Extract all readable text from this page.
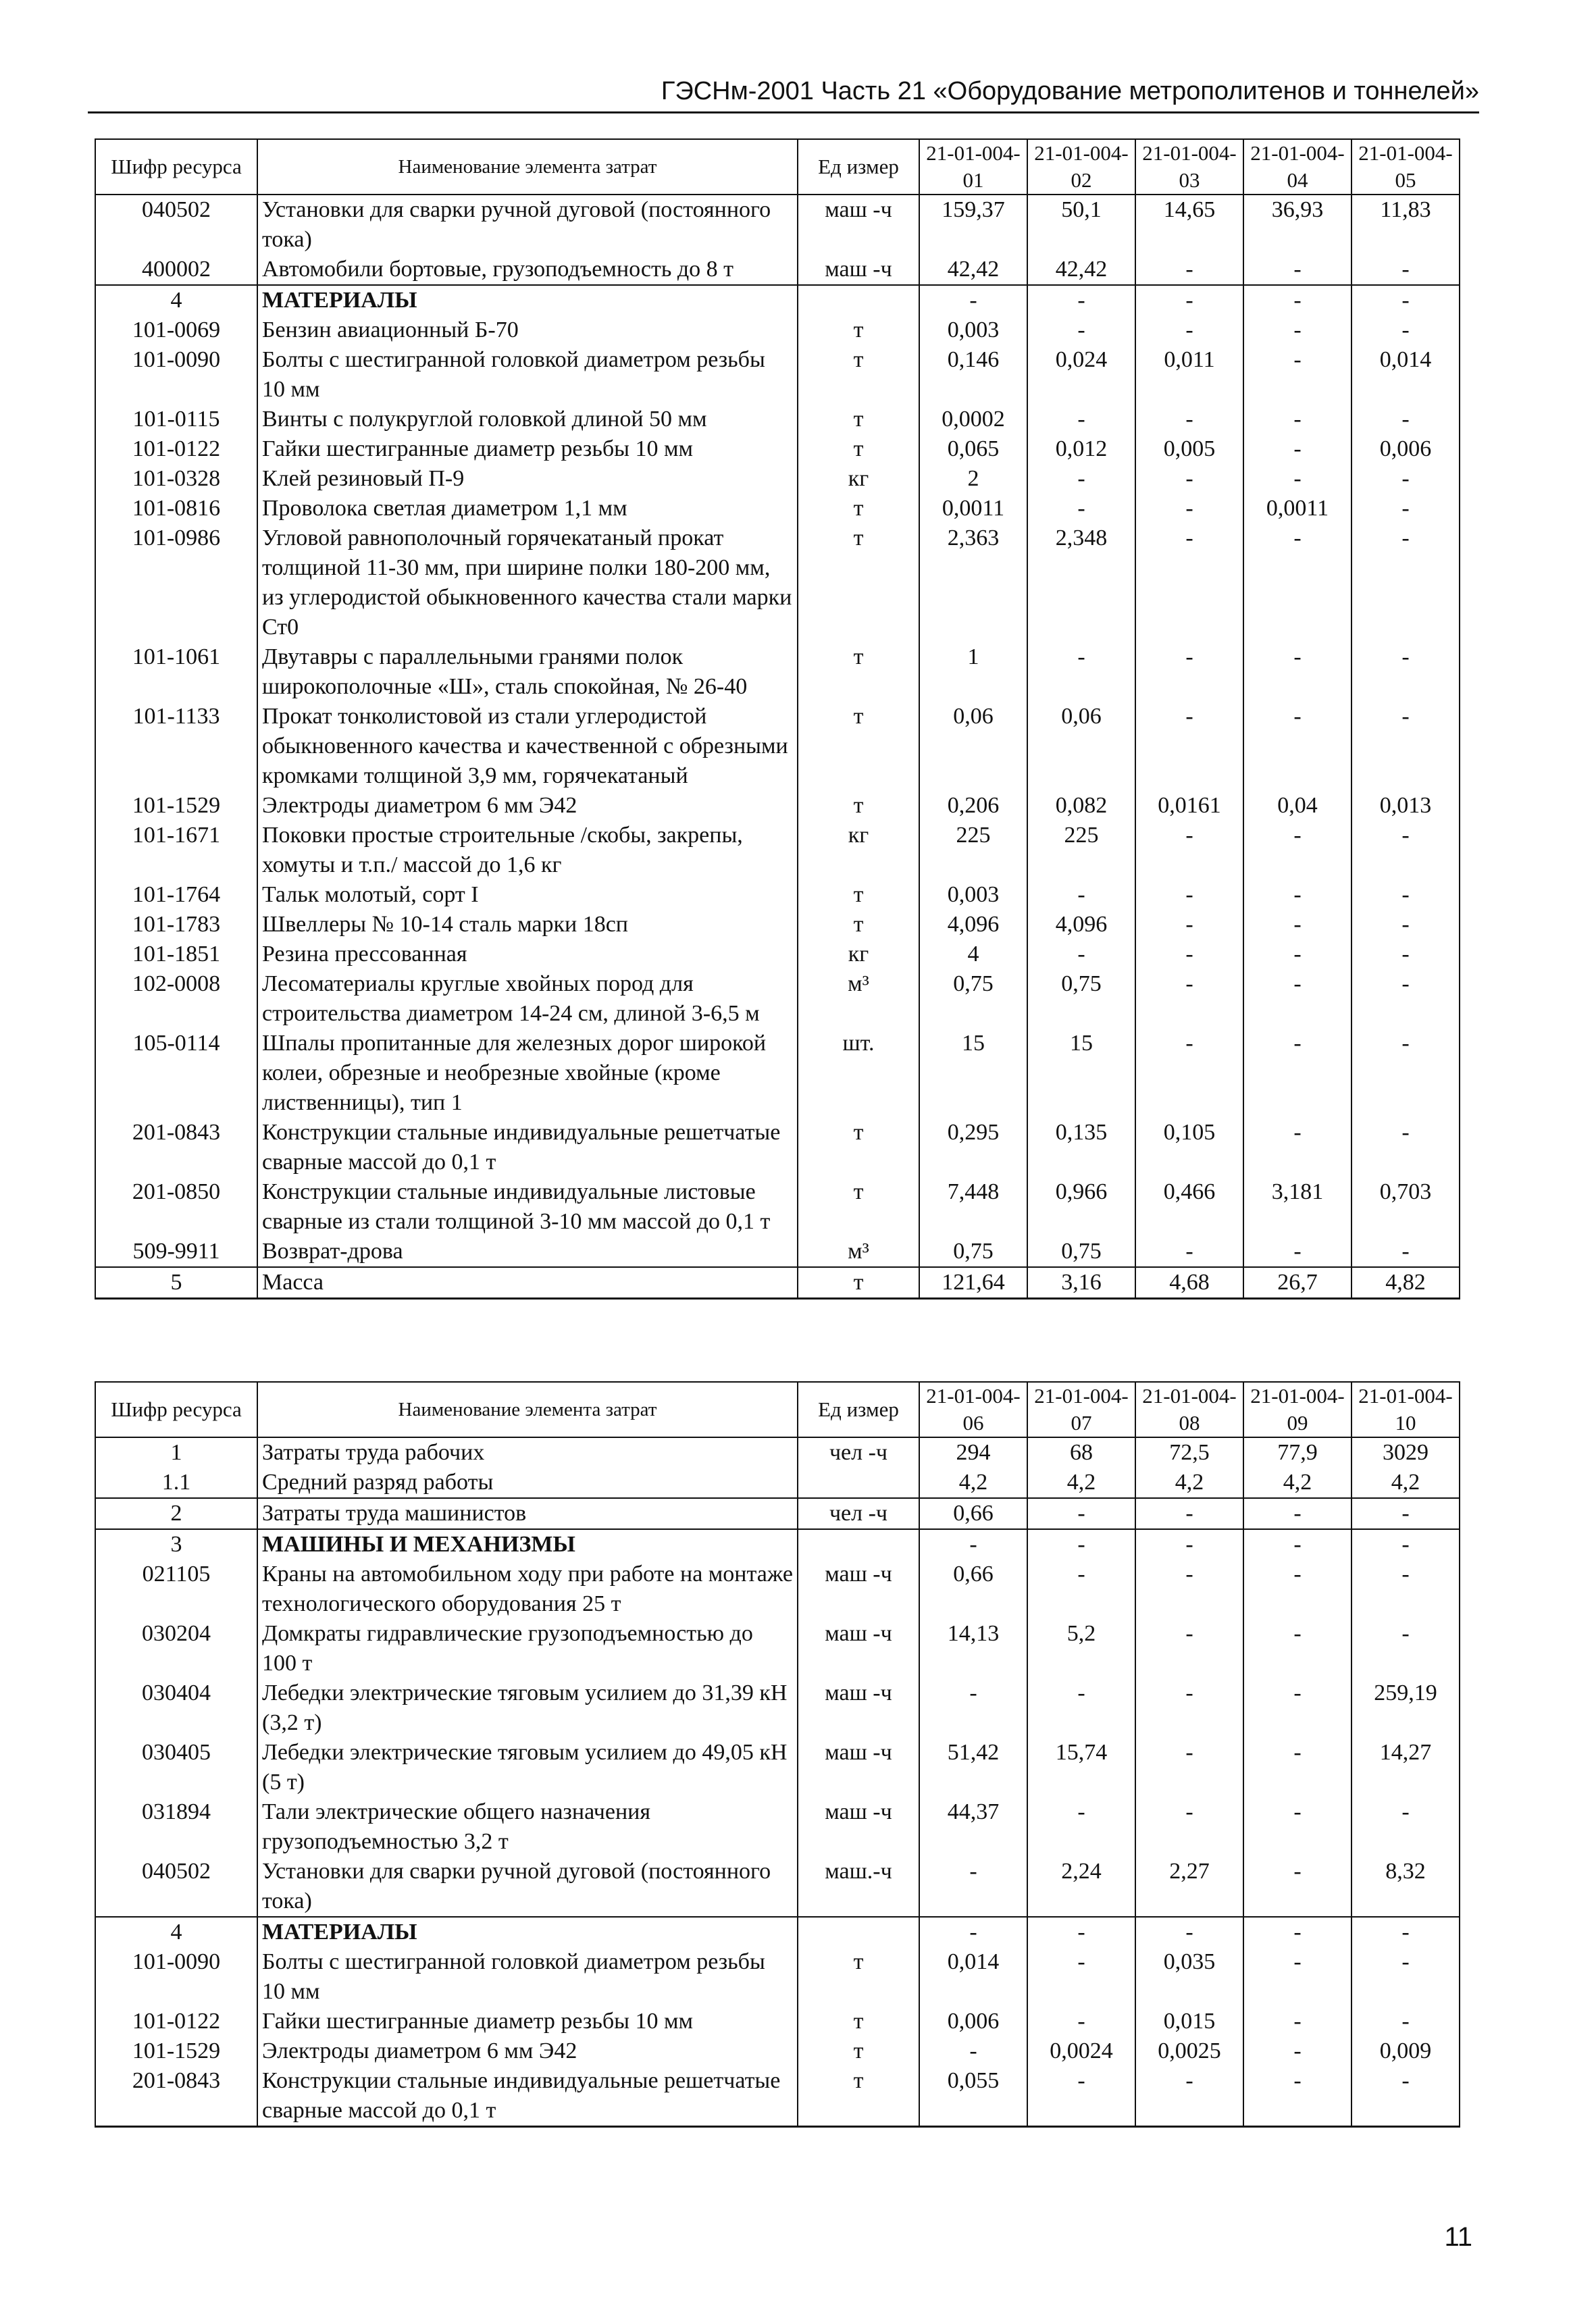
ГЭСНм-2001 Часть 21 «Оборудование метрополитенов и тоннелей»
Шифр ресурса	Наименование элемента затрат	Ед измер	21-01-004-01	21-01-004-02	21-01-004-03	21-01-004-04	21-01-004-05
040502	Установки для сварки ручной дуговой (постоянного тока)	маш -ч	159,37	50,1	14,65	36,93	11,83
400002	Автомобили бортовые, грузоподъемность до 8 т	маш -ч	42,42	42,42	-	-	-
4	МАТЕРИАЛЫ		-	-	-	-	-
101-0069	Бензин авиационный Б-70	т	0,003	-	-	-	-
101-0090	Болты с шестигранной головкой диаметром резьбы 10 мм	т	0,146	0,024	0,011	-	0,014
101-0115	Винты с полукруглой головкой длиной 50 мм	т	0,0002	-	-	-	-
101-0122	Гайки шестигранные диаметр резьбы 10 мм	т	0,065	0,012	0,005	-	0,006
101-0328	Клей резиновый П-9	кг	2	-	-	-	-
101-0816	Проволока светлая диаметром 1,1 мм	т	0,0011	-	-	0,0011	-
101-0986	Угловой равнополочный горячекатаный прокат толщиной 11-30 мм, при ширине полки 180-200 мм, из углеродистой обыкновенного качества стали марки Ст0	т	2,363	2,348	-	-	-
101-1061	Двутавры с параллельными гранями полок широкополочные «Ш», сталь спокойная, № 26-40	т	1	-	-	-	-
101-1133	Прокат тонколистовой из стали углеродистой обыкновенного качества и качественной с обрезными кромками толщиной 3,9 мм, горячекатаный	т	0,06	0,06	-	-	-
101-1529	Электроды диаметром 6 мм Э42	т	0,206	0,082	0,0161	0,04	0,013
101-1671	Поковки простые строительные /скобы, закрепы, хомуты и т.п./ массой до 1,6 кг	кг	225	225	-	-	-
101-1764	Тальк молотый, сорт I	т	0,003	-	-	-	-
101-1783	Швеллеры № 10-14 сталь марки 18сп	т	4,096	4,096	-	-	-
101-1851	Резина прессованная	кг	4	-	-	-	-
102-0008	Лесоматериалы круглые хвойных пород для строительства диаметром 14-24 см, длиной 3-6,5 м	м³	0,75	0,75	-	-	-
105-0114	Шпалы пропитанные для железных дорог широкой колеи, обрезные и необрезные хвойные (кроме лиственницы), тип 1	шт.	15	15	-	-	-
201-0843	Конструкции стальные индивидуальные решетчатые сварные массой до 0,1 т	т	0,295	0,135	0,105	-	-
201-0850	Конструкции стальные индивидуальные листовые сварные из стали толщиной 3-10 мм массой до 0,1 т	т	7,448	0,966	0,466	3,181	0,703
509-9911	Возврат-дрова	м³	0,75	0,75	-	-	-
5	Масса	т	121,64	3,16	4,68	26,7	4,82
Шифр ресурса	Наименование элемента затрат	Ед измер	21-01-004-06	21-01-004-07	21-01-004-08	21-01-004-09	21-01-004-10
1	Затраты труда рабочих	чел -ч	294	68	72,5	77,9	3029
1.1	Средний разряд работы		4,2	4,2	4,2	4,2	4,2
2	Затраты труда машинистов	чел -ч	0,66	-	-	-	-
3	МАШИНЫ И МЕХАНИЗМЫ		-	-	-	-	-
021105	Краны на автомобильном ходу при работе на монтаже технологического оборудования 25 т	маш -ч	0,66	-	-	-	-
030204	Домкраты гидравлические грузоподъемностью до 100 т	маш -ч	14,13	5,2	-	-	-
030404	Лебедки электрические тяговым усилием до 31,39 кН (3,2 т)	маш -ч	-	-	-	-	259,19
030405	Лебедки электрические тяговым усилием до 49,05 кН (5 т)	маш -ч	51,42	15,74	-	-	14,27
031894	Тали электрические общего назначения грузоподъемностью 3,2 т	маш -ч	44,37	-	-	-	-
040502	Установки для сварки ручной дуговой (постоянного тока)	маш.-ч	-	2,24	2,27	-	8,32
4	МАТЕРИАЛЫ		-	-	-	-	-
101-0090	Болты с шестигранной головкой диаметром резьбы 10 мм	т	0,014	-	0,035	-	-
101-0122	Гайки шестигранные диаметр резьбы 10 мм	т	0,006	-	0,015	-	-
101-1529	Электроды диаметром 6 мм Э42	т	-	0,0024	0,0025	-	0,009
201-0843	Конструкции стальные индивидуальные решетчатые сварные массой до 0,1 т	т	0,055	-	-	-	-
11
